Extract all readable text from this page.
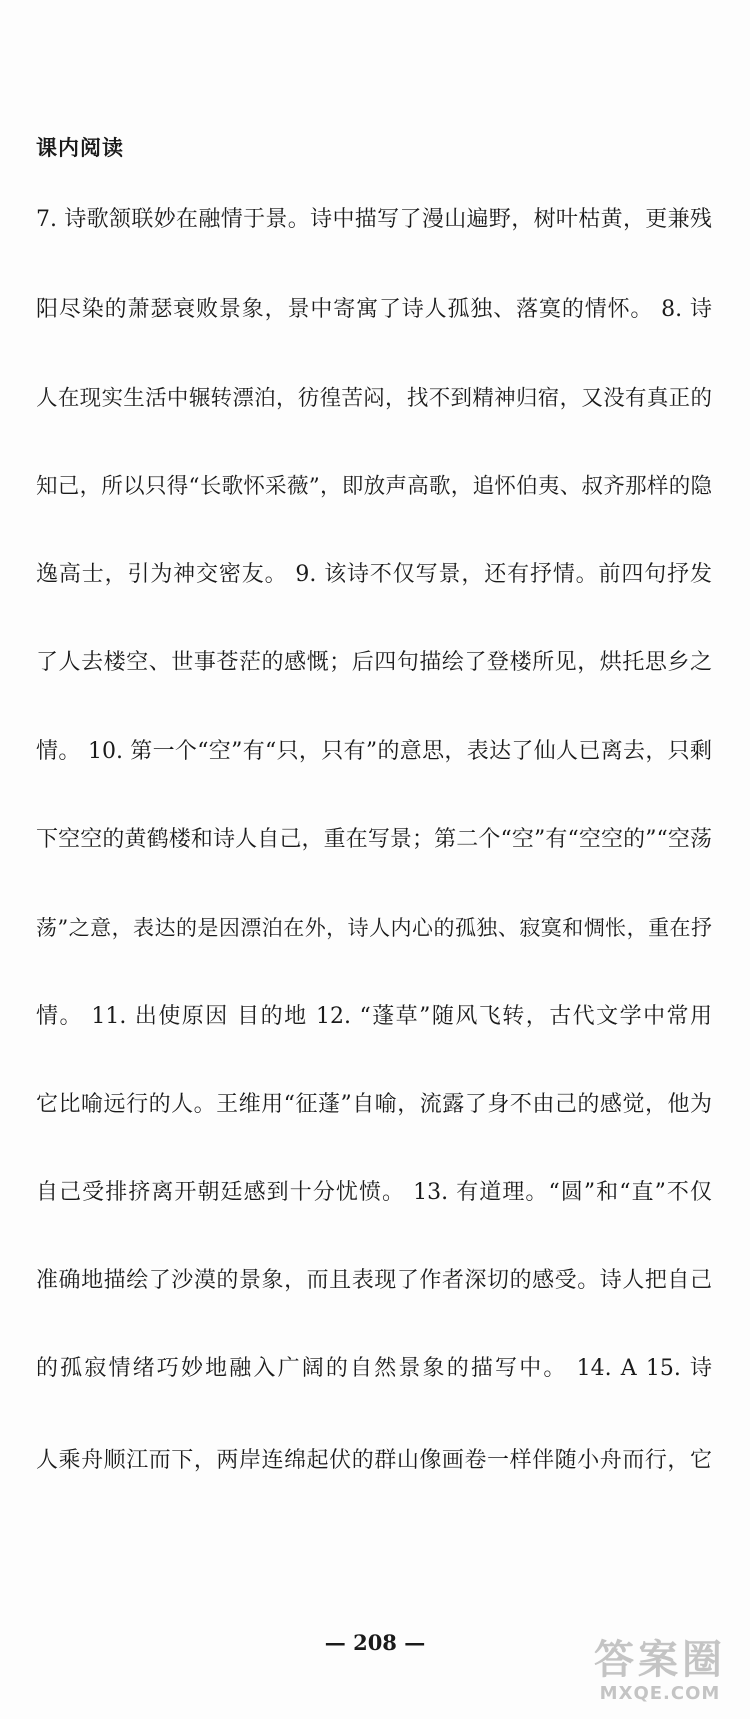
课内阅读
7. 诗歌颔联妙在融情于景。诗中描写了漫山遍野，树叶枯黄，更兼残
阳尽染的萧瑟衰败景象，景中寄寓了诗人孤独、落寞的情怀。 8. 诗
人在现实生活中辗转漂泊，彷徨苦闷，找不到精神归宿，又没有真正的
知己，所以只得“长歌怀采薇”，即放声高歌，追怀伯夷、叔齐那样的隐
逸高士，引为神交密友。 9. 该诗不仅写景，还有抒情。前四句抒发
了人去楼空、世事苍茫的感慨；后四句描绘了登楼所见，烘托思乡之
情。 10. 第一个“空”有“只，只有”的意思，表达了仙人已离去，只剩
下空空的黄鹤楼和诗人自己，重在写景；第二个“空”有“空空的”“空荡
荡”之意，表达的是因漂泊在外，诗人内心的孤独、寂寞和惆怅，重在抒
情。 11. 出使原因 目的地 12. “蓬草”随风飞转，古代文学中常用
它比喻远行的人。王维用“征蓬”自喻，流露了身不由己的感觉，他为
自己受排挤离开朝廷感到十分忧愤。 13. 有道理。“圆”和“直”不仅
准确地描绘了沙漠的景象，而且表现了作者深切的感受。诗人把自己
的孤寂情绪巧妙地融入广阔的自然景象的描写中。 14. A 15. 诗
人乘舟顺江而下，两岸连绵起伏的群山像画卷一样伴随小舟而行，它
— 208 —	答案圈
MXQE.COM
